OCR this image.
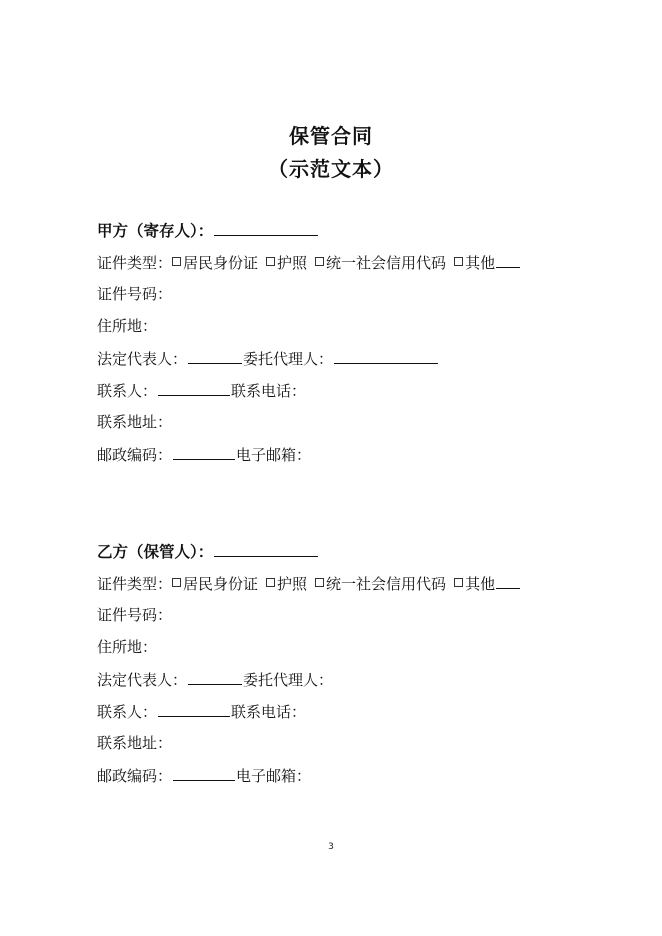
保管合同
（示范文本）
甲方（寄存人）：
证件类型： 居民身份证 护照 统一社会信用代码 其他
证件号码：
住所地：
法定代表人：	委托代理人：
联系人：	联系电话：
联系地址：
邮政编码：	电子邮箱：
乙方（保管人）：
证件类型： 居民身份证 护照 统一社会信用代码 其他
证件号码：
住所地：
法定代表人：	委托代理人：
联系人：	联系电话：
联系地址：
邮政编码：	电子邮箱：
3
